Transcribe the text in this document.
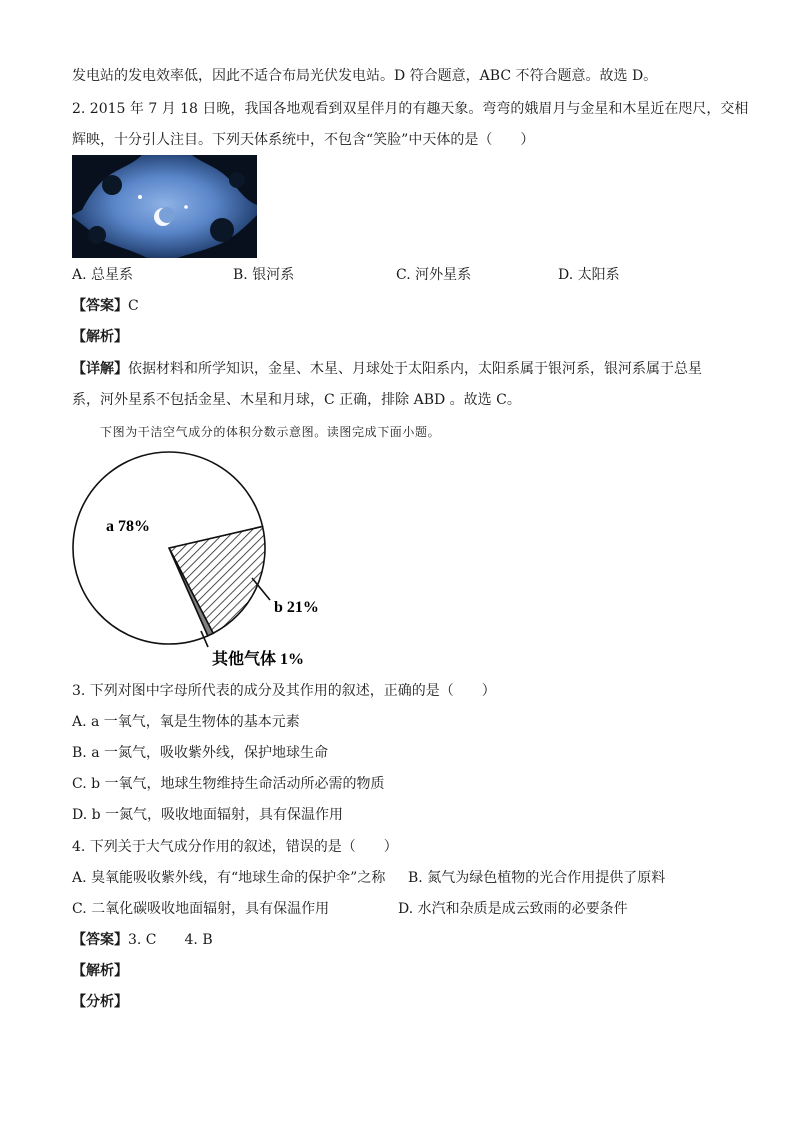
发电站的发电效率低，因此不适合布局光伏发电站。D 符合题意，ABC 不符合题意。故选 D。
2. 2015 年 7 月 18 日晚，我国各地观看到双星伴月的有趣天象。弯弯的娥眉月与金星和木星近在咫尺，交相
辉映，十分引人注目。下列天体系统中，不包含“笑脸”中天体的是（　　）
A. 总星系	B. 银河系	C. 河外星系	D. 太阳系
【答案】C
【解析】
【详解】依据材料和所学知识，金星、木星、月球处于太阳系内，太阳系属于银河系，银河系属于总星
系，河外星系不包括金星、木星和月球，C 正确，排除 ABD 。故选 C。
下图为干洁空气成分的体积分数示意图。读图完成下面小题。
a 78%
b 21%
其他气体 1%
3. 下列对图中字母所代表的成分及其作用的叙述，正确的是（　　）
A. a 一氧气，氧是生物体的基本元素
B. a 一氮气，吸收紫外线，保护地球生命
C. b 一氧气，地球生物维持生命活动所必需的物质
D. b 一氮气，吸收地面辐射，具有保温作用
4. 下列关于大气成分作用的叙述，错误的是（　　）
A. 臭氧能吸收紫外线，有“地球生命的保护伞”之称 B. 氮气为绿色植物的光合作用提供了原料
C. 二氧化碳吸收地面辐射，具有保温作用	D. 水汽和杂质是成云致雨的必要条件
【答案】3. C　　4. B
【解析】
【分析】
